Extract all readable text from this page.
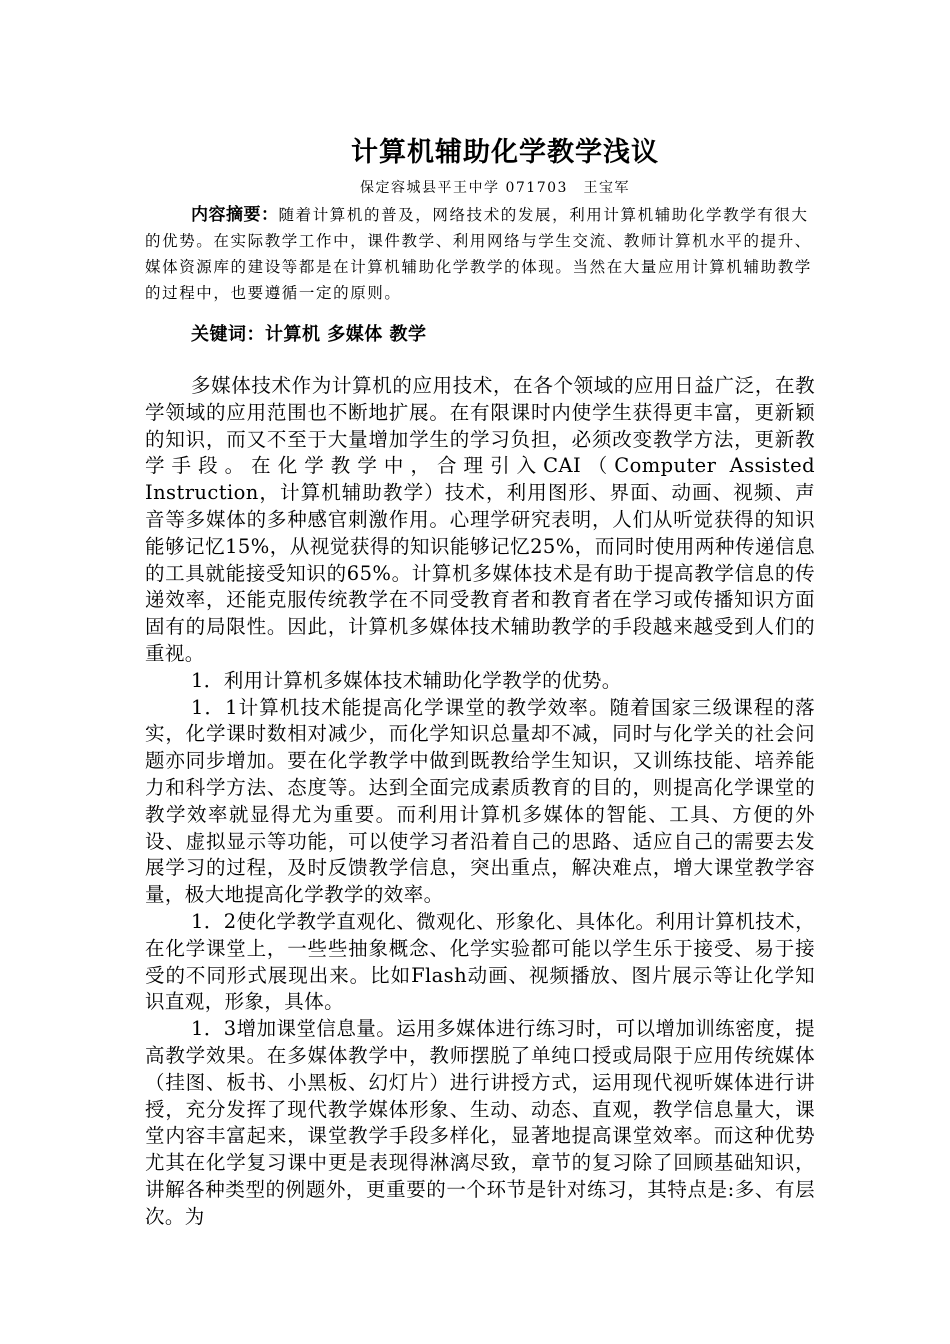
计算机辅助化学教学浅议
保定容城县平王中学 071703　王宝军

内容摘要：随着计算机的普及，网络技术的发展，利用计算机辅助化学教学有很大的优势。在实际教学工作中，课件教学、利用网络与学生交流、教师计算机水平的提升、媒体资源库的建设等都是在计算机辅助化学教学的体现。当然在大量应用计算机辅助教学的过程中，也要遵循一定的原则。

关键词：计算机 多媒体 教学

多媒体技术作为计算机的应用技术，在各个领域的应用日益广泛，在教学领域的应用范围也不断地扩展。在有限课时内使学生获得更丰富，更新颖的知识，而又不至于大量增加学生的学习负担，必须改变教学方法，更新教学手段。在化学教学中，合理引入CAI（Computer Assisted Instruction，计算机辅助教学）技术，利用图形、界面、动画、视频、声音等多媒体的多种感官刺激作用。心理学研究表明，人们从听觉获得的知识能够记忆15%，从视觉获得的知识能够记忆25%，而同时使用两种传递信息的工具就能接受知识的65%。计算机多媒体技术是有助于提高教学信息的传递效率，还能克服传统教学在不同受教育者和教育者在学习或传播知识方面固有的局限性。因此，计算机多媒体技术辅助教学的手段越来越受到人们的重视。

1．利用计算机多媒体技术辅助化学教学的优势。

1．1计算机技术能提高化学课堂的教学效率。随着国家三级课程的落实，化学课时数相对减少，而化学知识总量却不减，同时与化学关的社会问题亦同步增加。要在化学教学中做到既教给学生知识，又训练技能、培养能力和科学方法、态度等。达到全面完成素质教育的目的，则提高化学课堂的教学效率就显得尤为重要。而利用计算机多媒体的智能、工具、方便的外设、虚拟显示等功能，可以使学习者沿着自己的思路、适应自己的需要去发展学习的过程，及时反馈教学信息，突出重点，解决难点，增大课堂教学容量，极大地提高化学教学的效率。

1．2使化学教学直观化、微观化、形象化、具体化。利用计算机技术，在化学课堂上，一些些抽象概念、化学实验都可能以学生乐于接受、易于接受的不同形式展现出来。比如Flash动画、视频播放、图片展示等让化学知识直观，形象，具体。

1．3增加课堂信息量。运用多媒体进行练习时，可以增加训练密度，提高教学效果。在多媒体教学中，教师摆脱了单纯口授或局限于应用传统媒体（挂图、板书、小黑板、幻灯片）进行讲授方式，运用现代视听媒体进行讲授，充分发挥了现代教学媒体形象、生动、动态、直观，教学信息量大，课堂内容丰富起来，课堂教学手段多样化，显著地提高课堂效率。而这种优势尤其在化学复习课中更是表现得淋漓尽致，章节的复习除了回顾基础知识，讲解各种类型的例题外，更重要的一个环节是针对练习，其特点是:多、有层次。为
